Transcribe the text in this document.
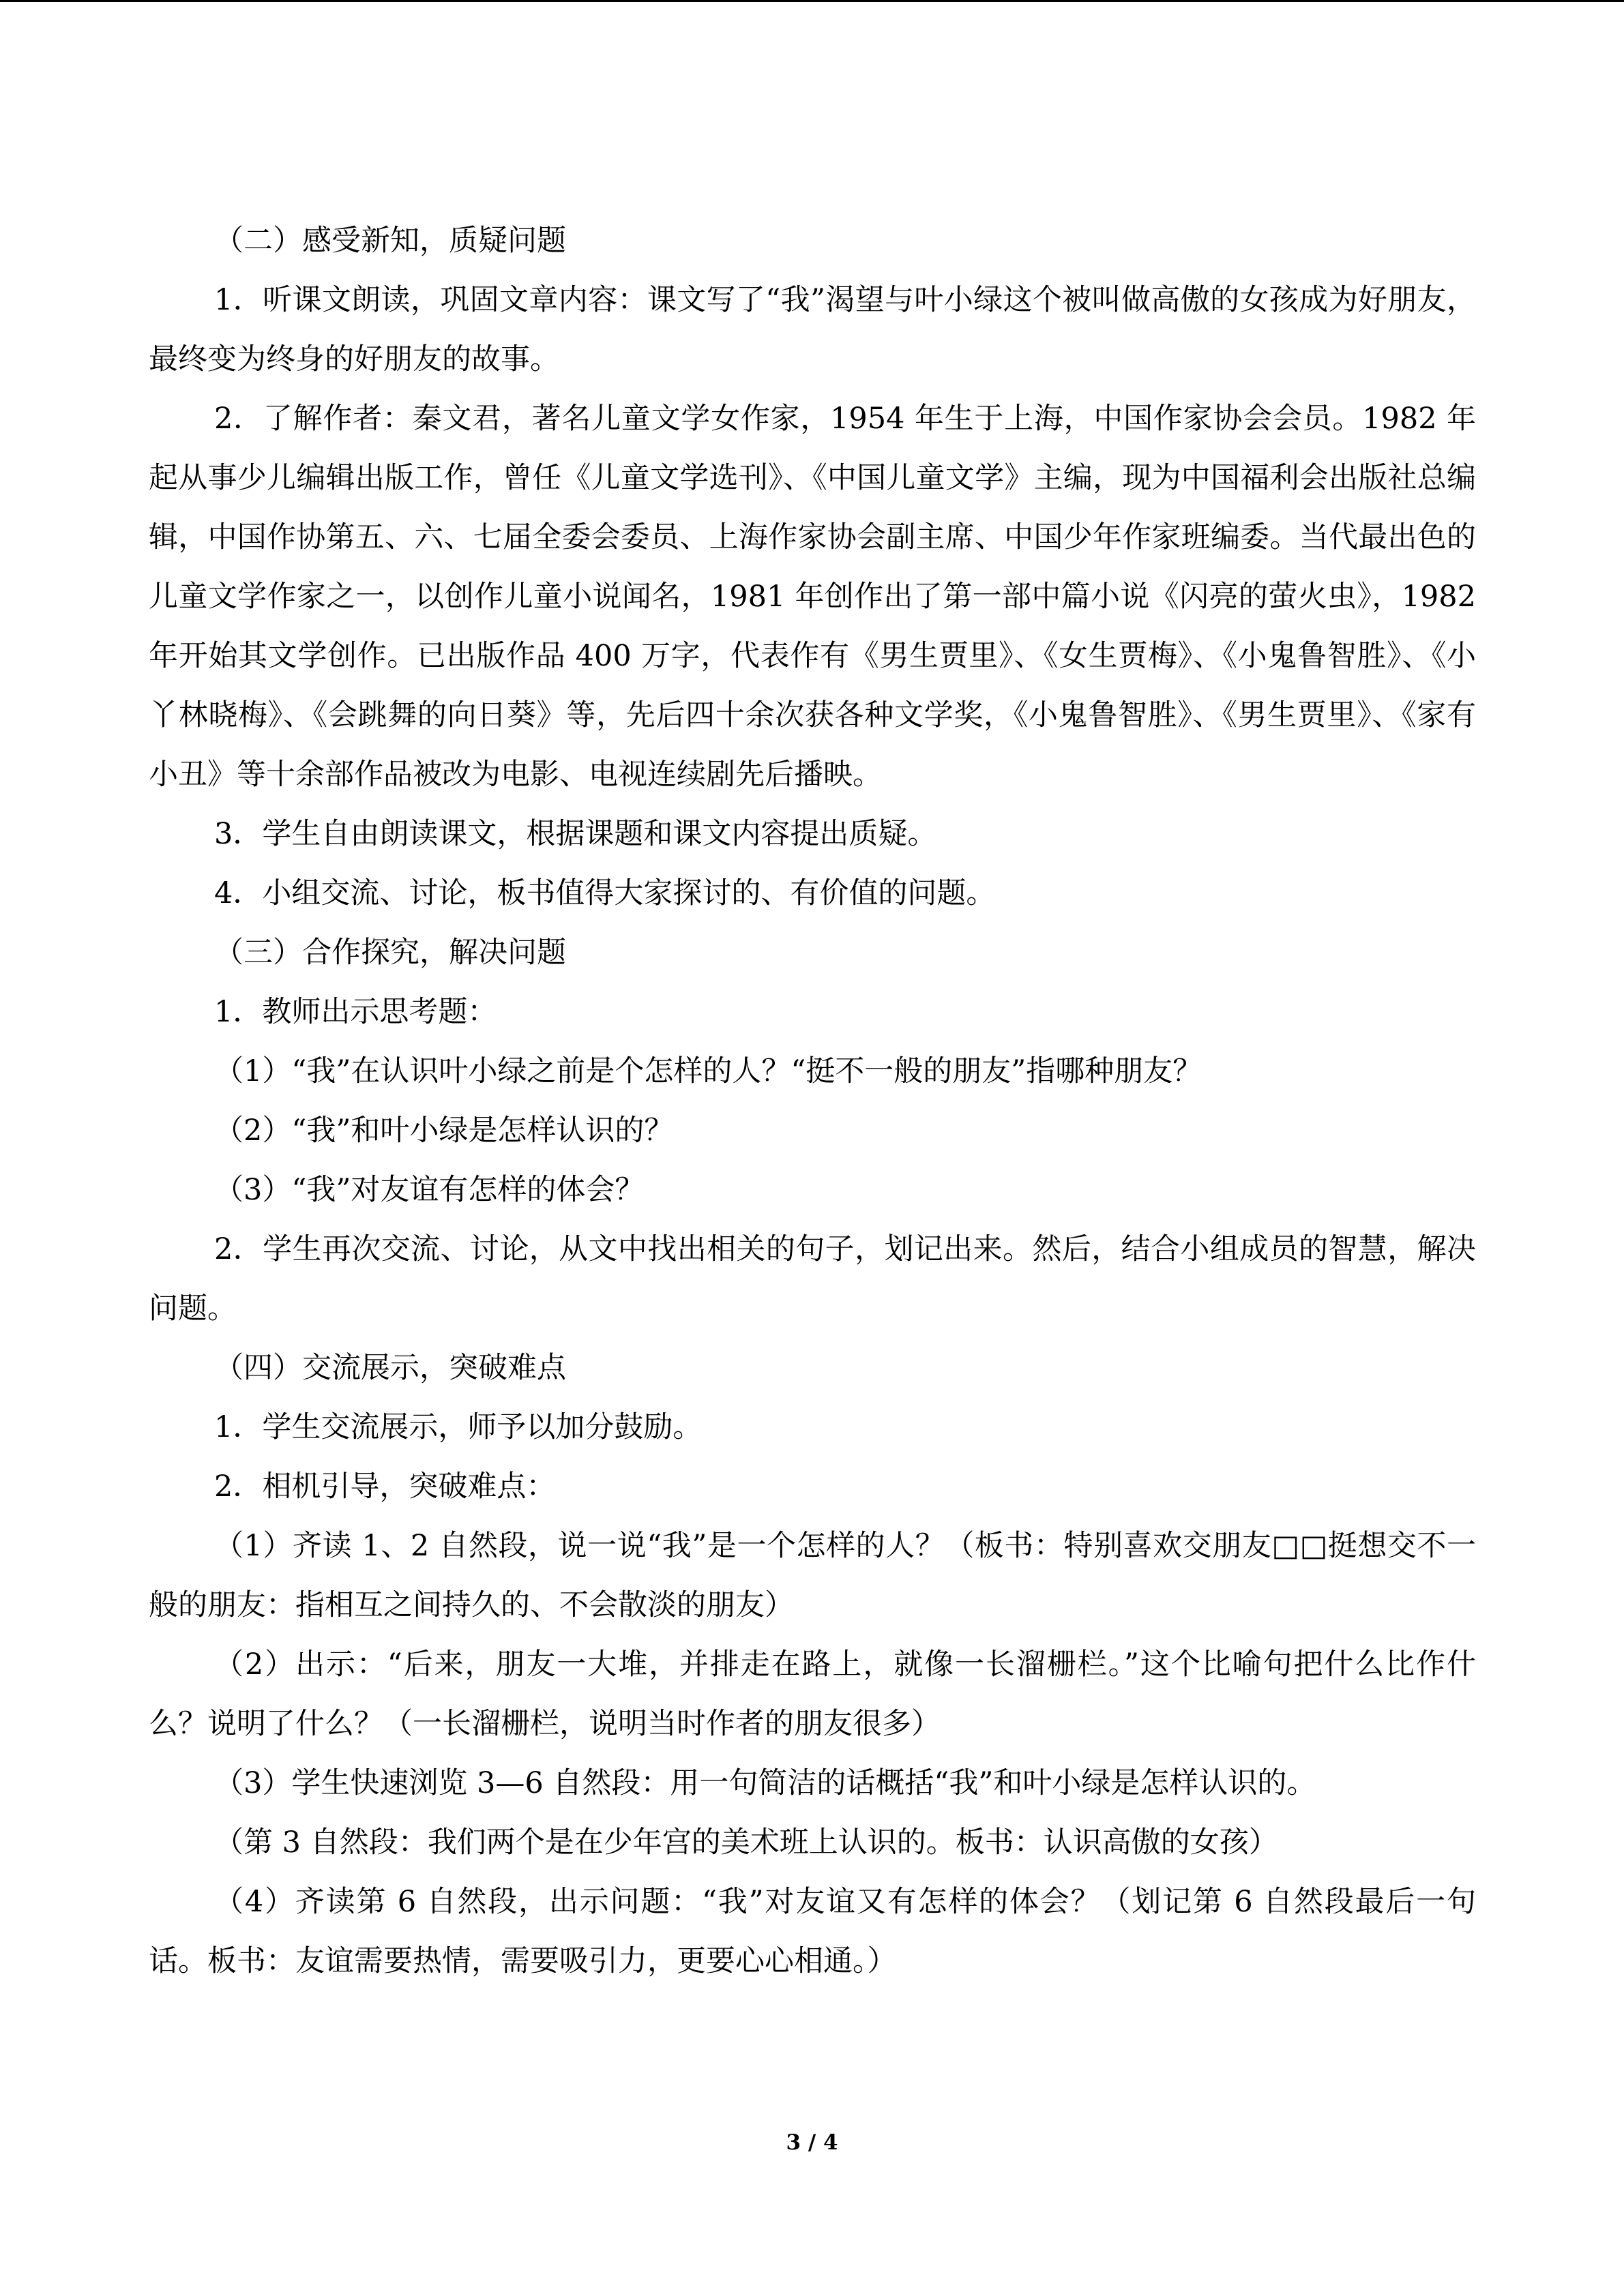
（二）感受新知，质疑问题

1．听课文朗读，巩固文章内容：课文写了“我”渴望与叶小绿这个被叫做高傲的女孩成为好朋友，最终变为终身的好朋友的故事。

2．了解作者：秦文君，著名儿童文学女作家，1954 年生于上海，中国作家协会会员。1982 年起从事少儿编辑出版工作，曾任《儿童文学选刊》、《中国儿童文学》主编，现为中国福利会出版社总编辑，中国作协第五、六、七届全委会委员、上海作家协会副主席、中国少年作家班编委。当代最出色的儿童文学作家之一，以创作儿童小说闻名，1981 年创作出了第一部中篇小说《闪亮的萤火虫》，1982 年开始其文学创作。已出版作品 400 万字，代表作有《男生贾里》、《女生贾梅》、《小鬼鲁智胜》、《小丫林晓梅》、《会跳舞的向日葵》等，先后四十余次获各种文学奖，《小鬼鲁智胜》、《男生贾里》、《家有小丑》等十余部作品被改为电影、电视连续剧先后播映。

3．学生自由朗读课文，根据课题和课文内容提出质疑。

4．小组交流、讨论，板书值得大家探讨的、有价值的问题。

（三）合作探究，解决问题

1．教师出示思考题：

（1）“我”在认识叶小绿之前是个怎样的人？“挺不一般的朋友”指哪种朋友？

（2）“我”和叶小绿是怎样认识的？

（3）“我”对友谊有怎样的体会？

2．学生再次交流、讨论，从文中找出相关的句子，划记出来。然后，结合小组成员的智慧，解决问题。

（四）交流展示，突破难点

1．学生交流展示，师予以加分鼓励。

2．相机引导，突破难点：

（1）齐读 1、2 自然段，说一说“我”是一个怎样的人？（板书：特别喜欢交朋友□□挺想交不一般的朋友：指相互之间持久的、不会散淡的朋友）

（2）出示：“后来，朋友一大堆，并排走在路上，就像一长溜栅栏。”这个比喻句把什么比作什么？说明了什么？（一长溜栅栏，说明当时作者的朋友很多）

（3）学生快速浏览 3—6 自然段：用一句简洁的话概括“我”和叶小绿是怎样认识的。

（第 3 自然段：我们两个是在少年宫的美术班上认识的。板书：认识高傲的女孩）

（4）齐读第 6 自然段，出示问题：“我”对友谊又有怎样的体会？（划记第 6 自然段最后一句话。板书：友谊需要热情，需要吸引力，更要心心相通。）

3 / 4
